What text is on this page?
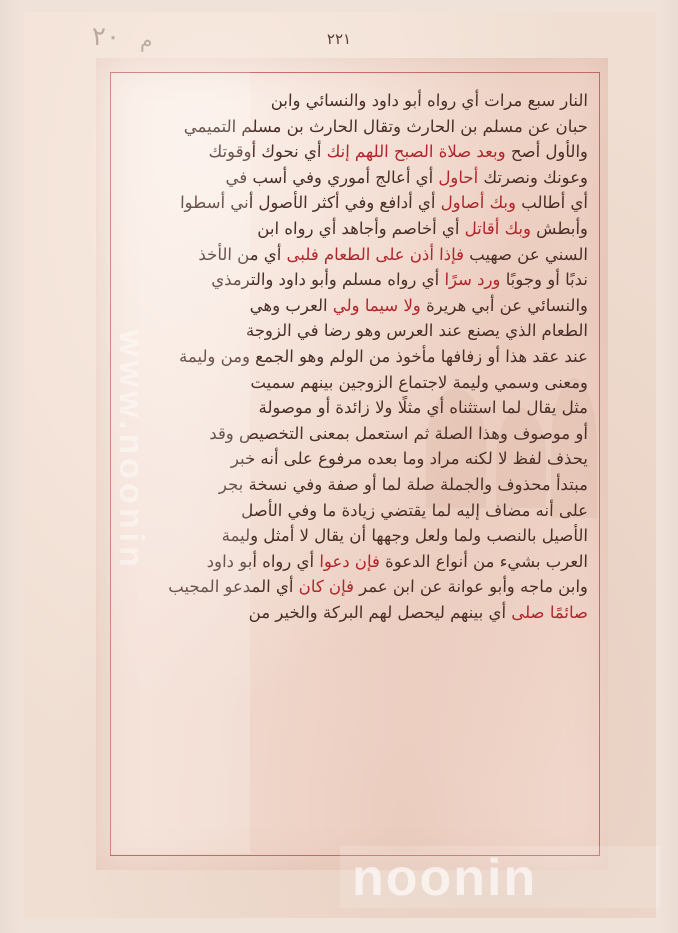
٢٢١
٢٠ م
النار سبع مرات أي رواه أبو داود والنسائي وابن
حبان عن مسلم بن الحارث وتقال الحارث بن مسلم التميمي
والأول أصح وبعد صلاة الصبح اللهم إنك أي نحوك أوقوتك
وعونك ونصرتك أحاول أي أعالج أموري وفي أسب في
أي أطالب وبك أصاول أي أدافع وفي أكثر الأصول أني أسطوا
وأبطش وبك أقاتل أي أخاصم وأجاهد أي رواه ابن
السني عن صهيب فإذا أذن على الطعام فلبى أي من الأخذ
ندبًا أو وجوبًا ورد سرًا أي رواه مسلم وأبو داود والترمذي
والنسائي عن أبي هريرة ولا سيما ولي العرب وهي
الطعام الذي يصنع عند العرس وهو رضا في الزوجة
عند عقد هذا أو زفافها مأخوذ من الولم وهو الجمع ومن وليمة
ومعنى وسمي وليمة لاجتماع الزوجين بينهم سميت
مثل يقال لما استثناه أي مثلًا ولا زائدة أو موصولة
أو موصوف وهذا الصلة ثم استعمل بمعنى التخصيص وقد
يحذف لفظ لا لكنه مراد وما بعده مرفوع على أنه خبر
مبتدأ محذوف والجملة صلة لما أو صفة وفي نسخة بجر
على أنه مضاف إليه لما يقتضي زيادة ما وفي الأصل
الأصيل بالنصب ولما ولعل وجهها أن يقال لا أمثل وليمة
العرب بشيء من أنواع الدعوة فإن دعوا أي رواه أبو داود
وابن ماجه وأبو عوانة عن ابن عمر فإن كان أي المدعو المجيب
صائمًا صلى أي بينهم ليحصل لهم البركة والخير من
www.noonin
noonin
